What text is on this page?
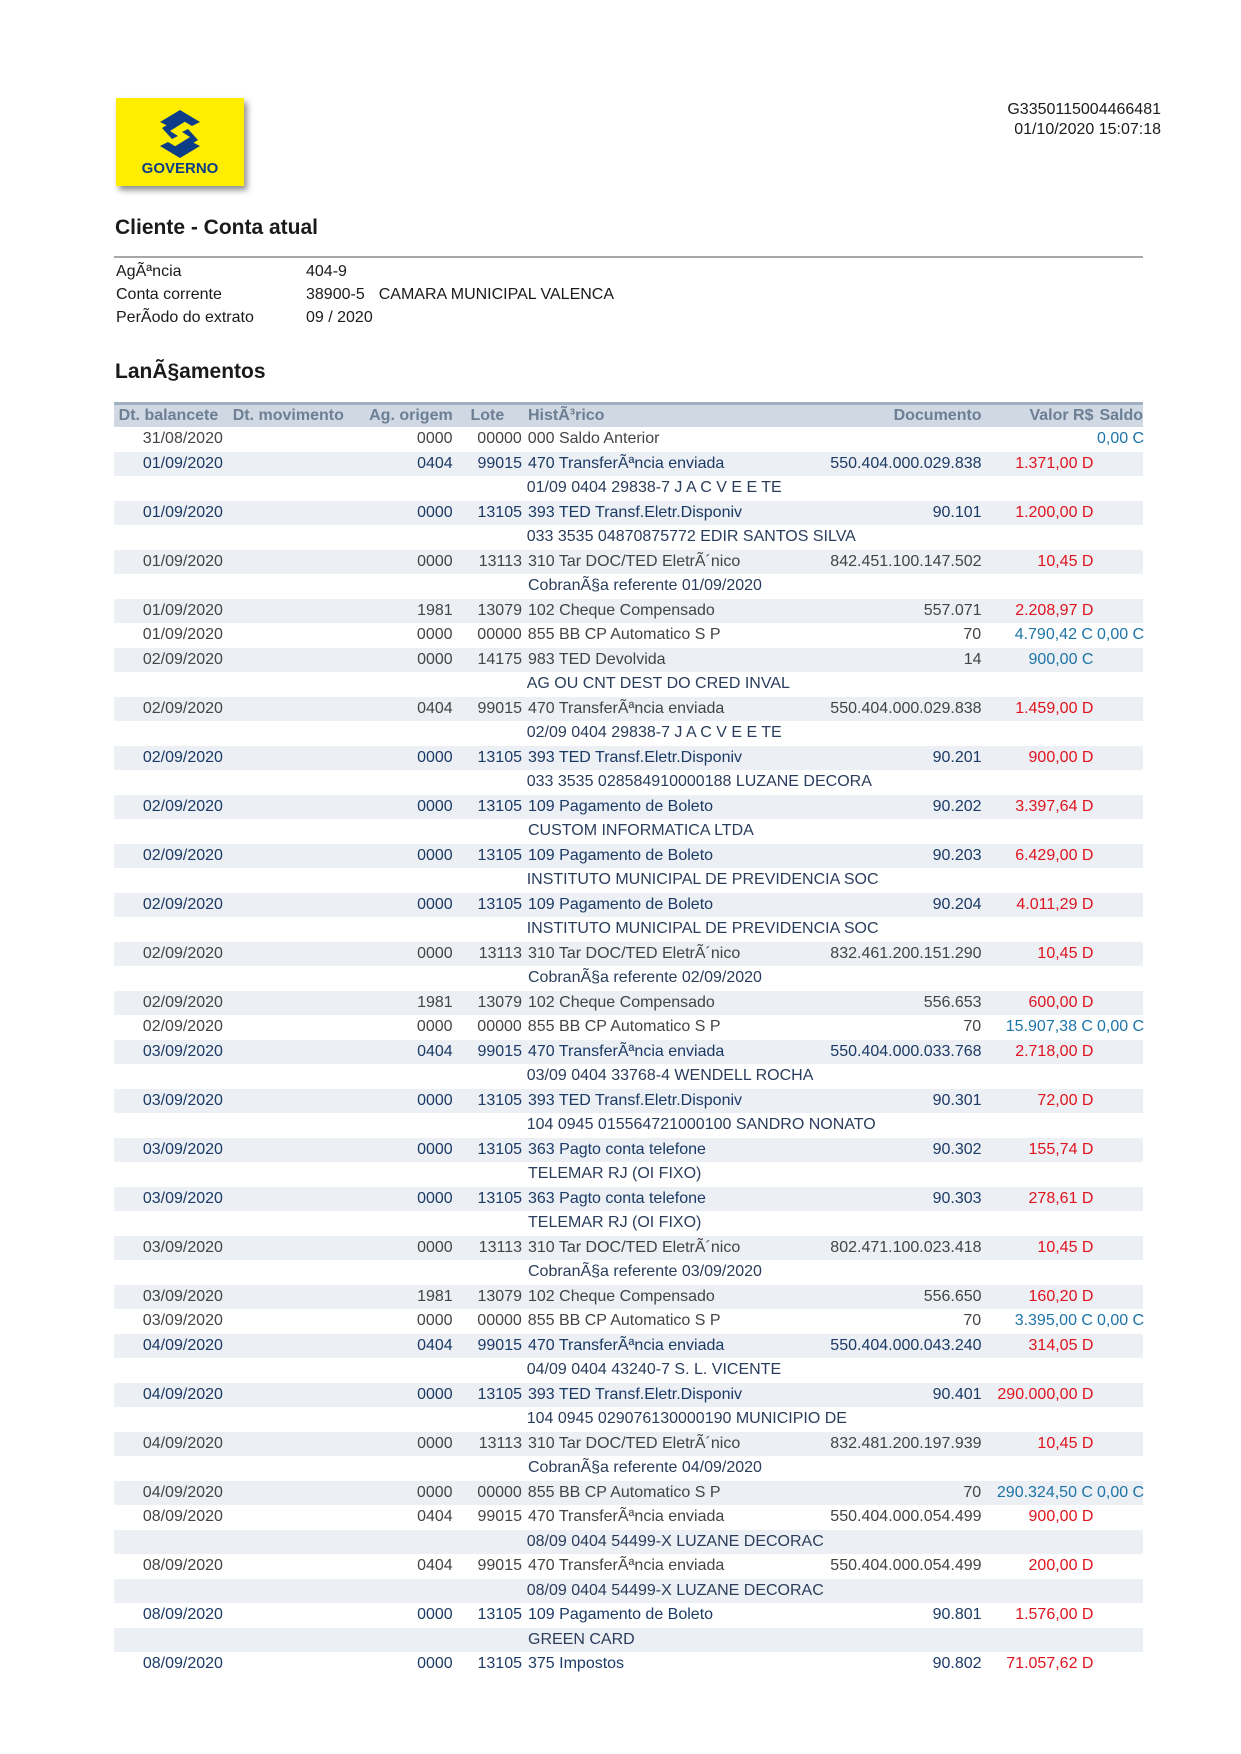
GOVERNO
G3350115004466481
01/10/2020 15:07:18
Cliente - Conta atual
AgÃªncia	404-9
Conta corrente	38900-5 CAMARA MUNICIPAL VALENCA
PerÃodo do extrato	09 / 2020
LanÃ§amentos
Dt. balancete Dt. movimento	Ag. origem	Lote	HistÃ³rico	Documento	Valor R$ Saldo
31/08/2020	0000	00000 000 Saldo Anterior	0,00 C
01/09/2020	0404	99015 470 TransferÃªncia enviada	550.404.000.029.838	1.371,00 D
01/09 0404 29838-7 J A C V E E TE
01/09/2020	0000	13105 393 TED Transf.Eletr.Disponiv	90.101	1.200,00 D
033 3535 04870875772 EDIR SANTOS SILVA
01/09/2020	0000	13113 310 Tar DOC/TED EletrÃ´nico	842.451.100.147.502	10,45 D
CobranÃ§a referente 01/09/2020
01/09/2020	1981	13079 102 Cheque Compensado	557.071	2.208,97 D
01/09/2020	0000	00000 855 BB CP Automatico S P	70	4.790,42 C 0,00 C
02/09/2020	0000	14175 983 TED Devolvida	14	900,00 C
AG OU CNT DEST DO CRED INVAL
02/09/2020	0404	99015 470 TransferÃªncia enviada	550.404.000.029.838	1.459,00 D
02/09 0404 29838-7 J A C V E E TE
02/09/2020	0000	13105 393 TED Transf.Eletr.Disponiv	90.201	900,00 D
033 3535 028584910000188 LUZANE DECORA
02/09/2020	0000	13105 109 Pagamento de Boleto	90.202	3.397,64 D
CUSTOM INFORMATICA LTDA
02/09/2020	0000	13105 109 Pagamento de Boleto	90.203	6.429,00 D
INSTITUTO MUNICIPAL DE PREVIDENCIA SOC
02/09/2020	0000	13105 109 Pagamento de Boleto	90.204	4.011,29 D
INSTITUTO MUNICIPAL DE PREVIDENCIA SOC
02/09/2020	0000	13113 310 Tar DOC/TED EletrÃ´nico	832.461.200.151.290	10,45 D
CobranÃ§a referente 02/09/2020
02/09/2020	1981	13079 102 Cheque Compensado	556.653	600,00 D
02/09/2020	0000	00000 855 BB CP Automatico S P	70	15.907,38 C 0,00 C
03/09/2020	0404	99015 470 TransferÃªncia enviada	550.404.000.033.768	2.718,00 D
03/09 0404 33768-4 WENDELL ROCHA
03/09/2020	0000	13105 393 TED Transf.Eletr.Disponiv	90.301	72,00 D
104 0945 015564721000100 SANDRO NONATO
03/09/2020	0000	13105 363 Pagto conta telefone	90.302	155,74 D
TELEMAR RJ (OI FIXO)
03/09/2020	0000	13105 363 Pagto conta telefone	90.303	278,61 D
TELEMAR RJ (OI FIXO)
03/09/2020	0000	13113 310 Tar DOC/TED EletrÃ´nico	802.471.100.023.418	10,45 D
CobranÃ§a referente 03/09/2020
03/09/2020	1981	13079 102 Cheque Compensado	556.650	160,20 D
03/09/2020	0000	00000 855 BB CP Automatico S P	70	3.395,00 C 0,00 C
04/09/2020	0404	99015 470 TransferÃªncia enviada	550.404.000.043.240	314,05 D
04/09 0404 43240-7 S. L. VICENTE
04/09/2020	0000	13105 393 TED Transf.Eletr.Disponiv	90.401 290.000,00 D
104 0945 029076130000190 MUNICIPIO DE
04/09/2020	0000	13113 310 Tar DOC/TED EletrÃ´nico	832.481.200.197.939	10,45 D
CobranÃ§a referente 04/09/2020
04/09/2020	0000	00000 855 BB CP Automatico S P	70 290.324,50 C 0,00 C
08/09/2020	0404	99015 470 TransferÃªncia enviada	550.404.000.054.499	900,00 D
08/09 0404 54499-X LUZANE DECORAC
08/09/2020	0404	99015 470 TransferÃªncia enviada	550.404.000.054.499	200,00 D
08/09 0404 54499-X LUZANE DECORAC
08/09/2020	0000	13105 109 Pagamento de Boleto	90.801	1.576,00 D
GREEN CARD
08/09/2020	0000	13105 375 Impostos	90.802	71.057,62 D
